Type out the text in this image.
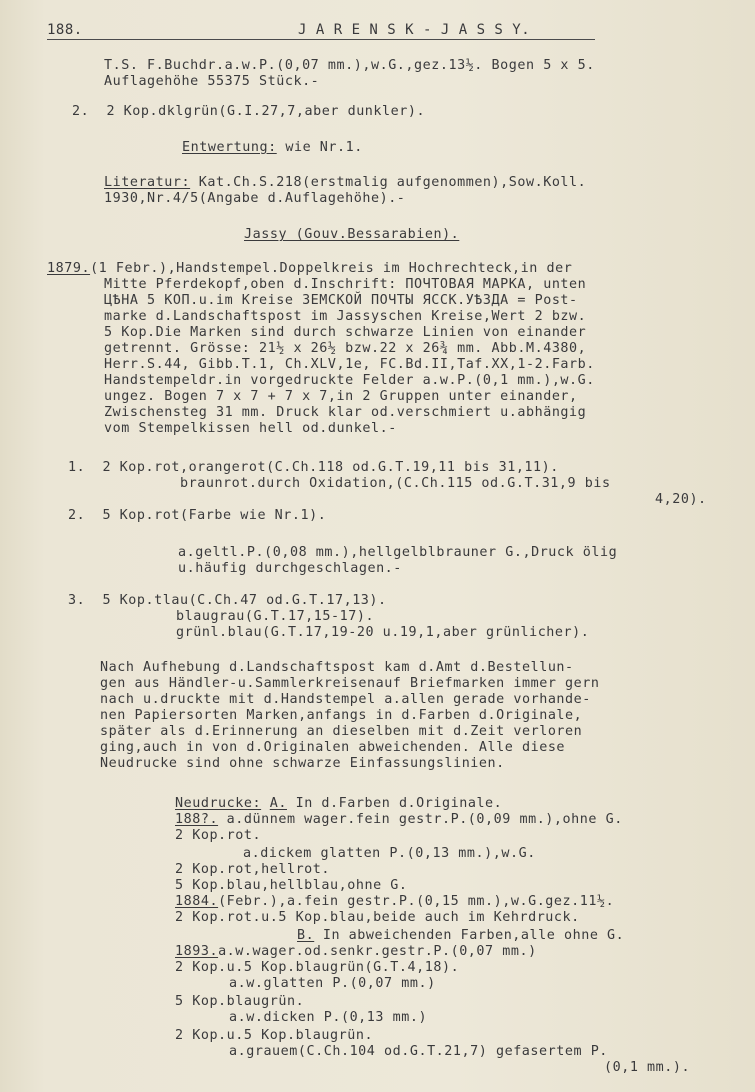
188.	J A R E N S K - J A S S Y.
T.S. F.Buchdr.a.w.P.(0,07 mm.),w.G.,gez.13½. Bogen 5 x 5.
Auflagehöhe 55375 Stück.-
2.  2 Kop.dklgrün(G.I.27,7,aber dunkler).
Entwertung: wie Nr.1.
Literatur: Kat.Ch.S.218(erstmalig aufgenommen),Sow.Koll.
1930,Nr.4/5(Angabe d.Auflagehöhe).-
Jassy (Gouv.Bessarabien).
1879.(1 Febr.),Handstempel.Doppelkreis im Hochrechteck,in der
Mitte Pferdekopf,oben d.Inschrift: ПОЧТОВАЯ МАРКА, unten
ЦѢНА 5 КОП.u.im Kreise ЗЕМСКОЙ ПОЧТЫ ЯССК.УѢЗДА = Post-
marke d.Landschaftspost im Jassyschen Kreise,Wert 2 bzw.
5 Kop.Die Marken sind durch schwarze Linien von einander
getrennt. Grösse: 21½ x 26½ bzw.22 x 26¾ mm. Abb.M.4380,
Herr.S.44, Gibb.T.1, Ch.XLV,1e, FC.Bd.II,Taf.XX,1-2.Farb.
Handstempeldr.in vorgedruckte Felder a.w.P.(0,1 mm.),w.G.
ungez. Bogen 7 x 7 + 7 x 7,in 2 Gruppen unter einander,
Zwischensteg 31 mm. Druck klar od.verschmiert u.abhängig
vom Stempelkissen hell od.dunkel.-
1.  2 Kop.rot,orangerot(C.Ch.118 od.G.T.19,11 bis 31,11).
braunrot.durch Oxidation,(C.Ch.115 od.G.T.31,9 bis
4,20).
2.  5 Kop.rot(Farbe wie Nr.1).
a.geltl.P.(0,08 mm.),hellgelblbrauner G.,Druck ölig
u.häufig durchgeschlagen.-
3.  5 Kop.tlau(C.Ch.47 od.G.T.17,13).
blaugrau(G.T.17,15-17).
grünl.blau(G.T.17,19-20 u.19,1,aber grünlicher).
Nach Aufhebung d.Landschaftspost kam d.Amt d.Bestellun-
gen aus Händler-u.Sammlerkreisenauf Briefmarken immer gern
nach u.druckte mit d.Handstempel a.allen gerade vorhande-
nen Papiersorten Marken,anfangs in d.Farben d.Originale,
später als d.Erinnerung an dieselben mit d.Zeit verloren
ging,auch in von d.Originalen abweichenden. Alle diese
Neudrucke sind ohne schwarze Einfassungslinien.
Neudrucke: A. In d.Farben d.Originale.
188?. a.dünnem wager.fein gestr.P.(0,09 mm.),ohne G.
2 Kop.rot.
a.dickem glatten P.(0,13 mm.),w.G.
2 Kop.rot,hellrot.
5 Kop.blau,hellblau,ohne G.
1884.(Febr.),a.fein gestr.P.(0,15 mm.),w.G.gez.11½.
2 Kop.rot.u.5 Kop.blau,beide auch im Kehrdruck.
B. In abweichenden Farben,alle ohne G.
1893.a.w.wager.od.senkr.gestr.P.(0,07 mm.)
2 Kop.u.5 Kop.blaugrün(G.T.4,18).
a.w.glatten P.(0,07 mm.)
5 Kop.blaugrün.
a.w.dicken P.(0,13 mm.)
2 Kop.u.5 Kop.blaugrün.
a.grauem(C.Ch.104 od.G.T.21,7) gefasertem P.
(0,1 mm.).
